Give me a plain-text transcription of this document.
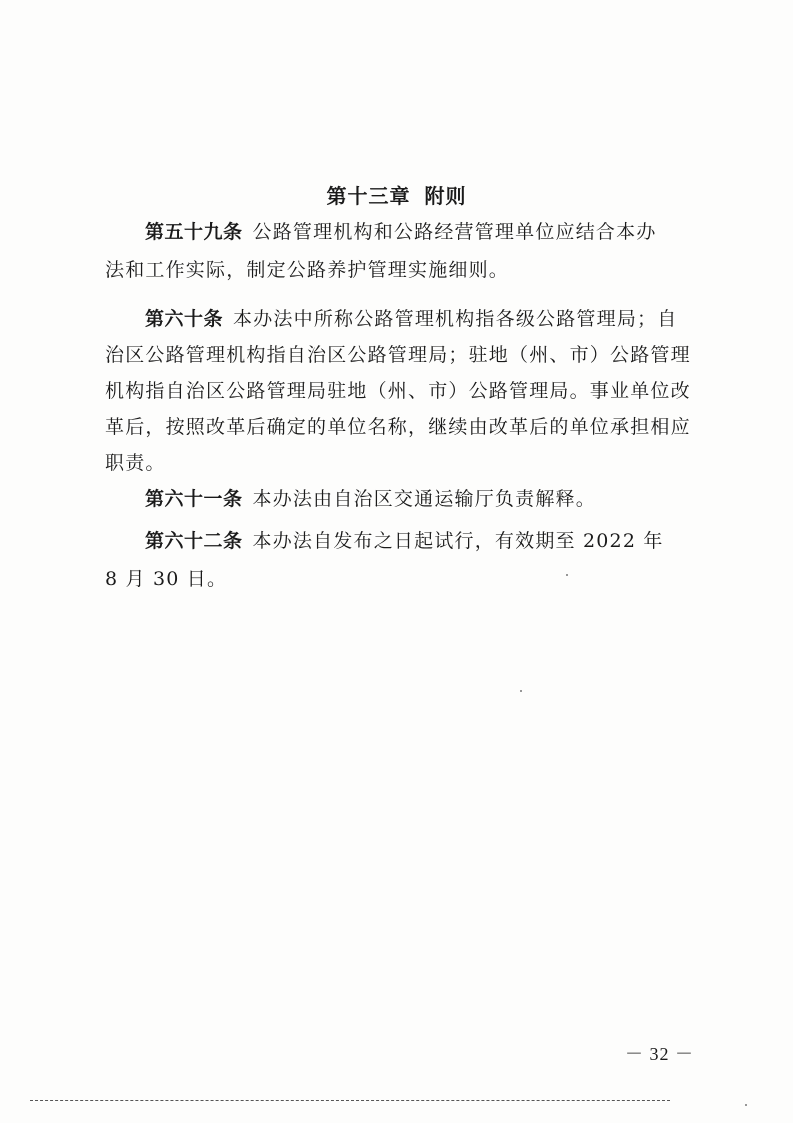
第十三章 附则
第五十九条 公路管理机构和公路经营管理单位应结合本办
法和工作实际，制定公路养护管理实施细则。
第六十条 本办法中所称公路管理机构指各级公路管理局；自
治区公路管理机构指自治区公路管理局；驻地（州、市）公路管理
机构指自治区公路管理局驻地（州、市）公路管理局。事业单位改
革后，按照改革后确定的单位名称，继续由改革后的单位承担相应
职责。
第六十一条 本办法由自治区交通运输厅负责解释。
第六十二条 本办法自发布之日起试行，有效期至 2022 年
8 月 30 日。
－ 32 －
